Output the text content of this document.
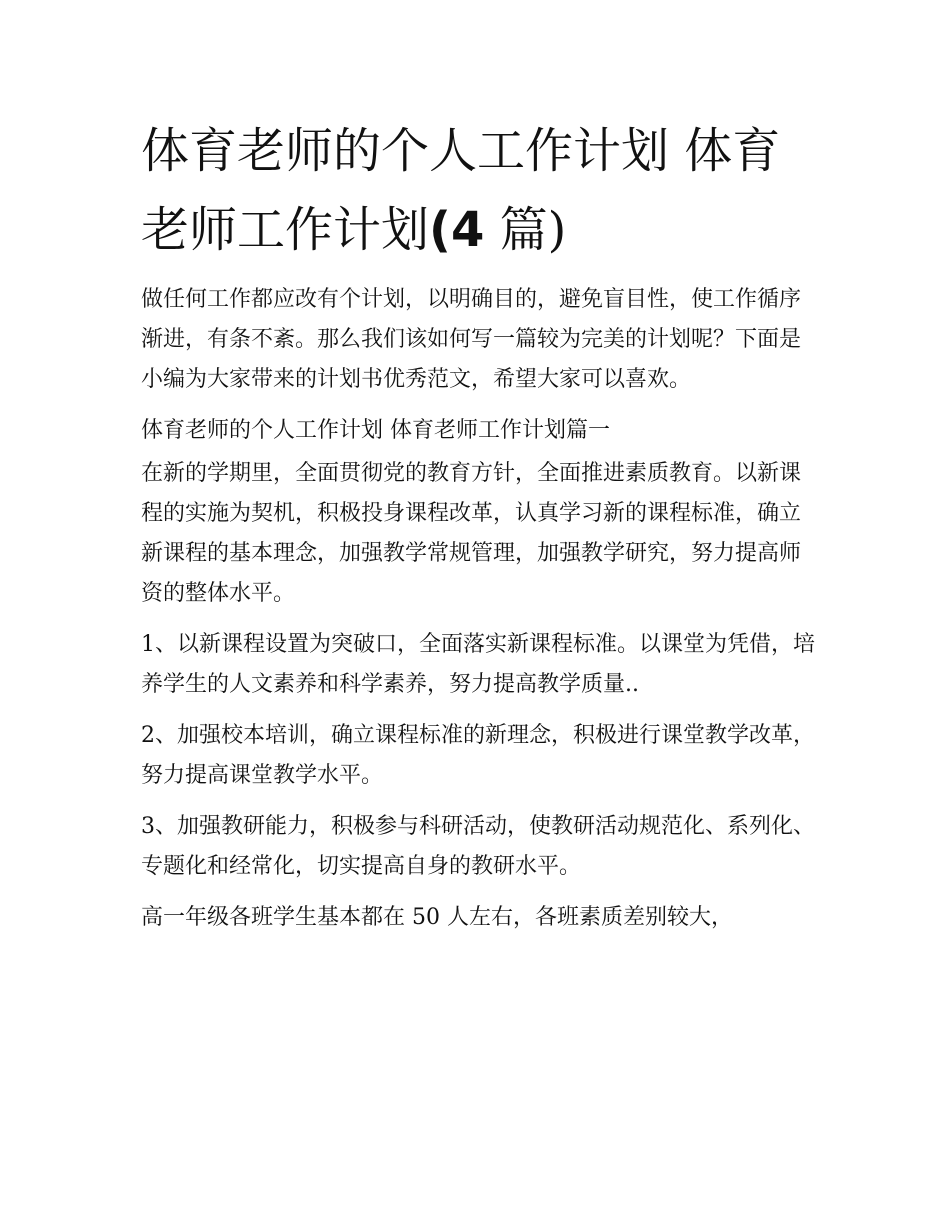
体育老师的个人工作计划 体育
老师工作计划(4 篇)

做任何工作都应改有个计划，以明确目的，避免盲目性，使工作循序渐进，有条不紊。那么我们该如何写一篇较为完美的计划呢？下面是小编为大家带来的计划书优秀范文，希望大家可以喜欢。

体育老师的个人工作计划 体育老师工作计划篇一

在新的学期里，全面贯彻党的教育方针，全面推进素质教育。以新课程的实施为契机，积极投身课程改革，认真学习新的课程标准，确立新课程的基本理念，加强教学常规管理，加强教学研究，努力提高师资的整体水平。

1、以新课程设置为突破口，全面落实新课程标准。以课堂为凭借，培养学生的人文素养和科学素养，努力提高教学质量..

2、加强校本培训，确立课程标准的新理念，积极进行课堂教学改革，努力提高课堂教学水平。

3、加强教研能力，积极参与科研活动，使教研活动规范化、系列化、专题化和经常化，切实提高自身的教研水平。

高一年级各班学生基本都在 50 人左右，各班素质差别较大，
